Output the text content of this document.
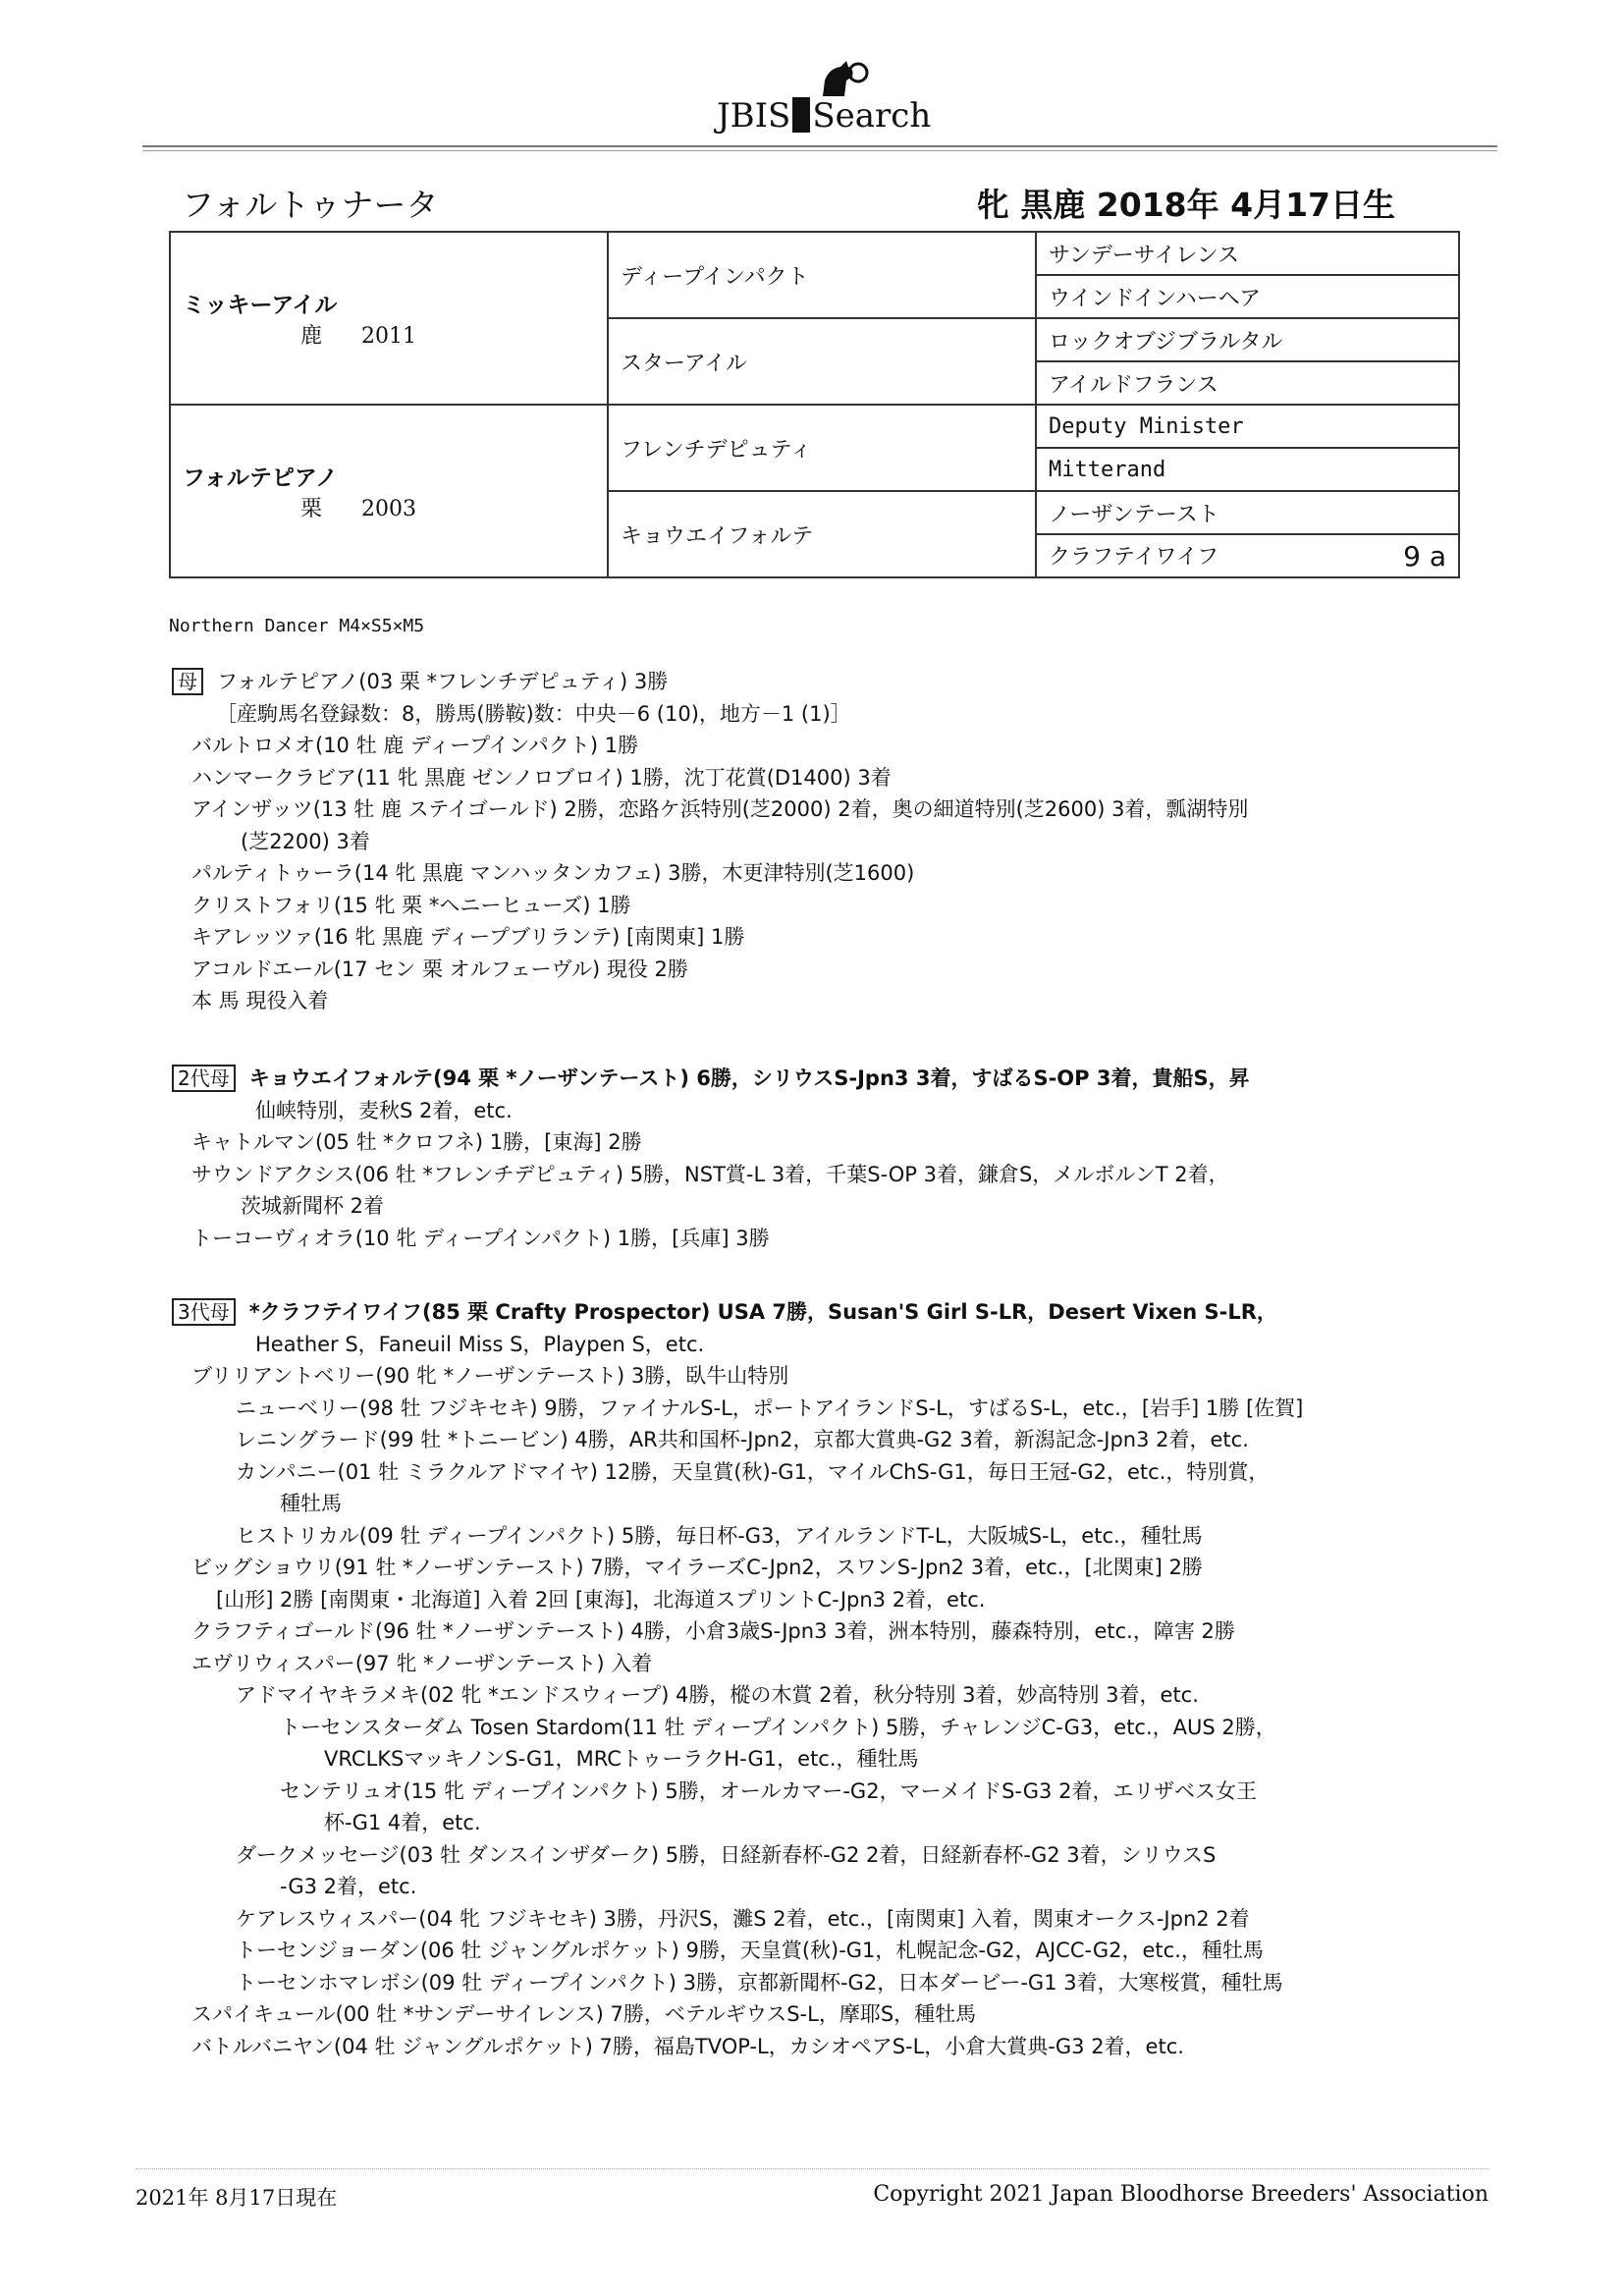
JBIS Search
フォルトゥナータ	牝 黒鹿 2018年 4月17日生
ミッキーアイル
鹿 2011	ディープインパクト	サンデーサイレンス
		ウインドインハーヘア
	スターアイル	ロックオブジブラルタル
		アイルドフランス

フォルテピアノ
栗 2003	フレンチデピュティ	Deputy Minister
		Mitterand
	キョウエイフォルテ	ノーザンテースト
		クラフテイワイフ 9 a
Northern Dancer M4×S5×M5
母 フォルテピアノ(03 栗 *フレンチデピュティ) 3勝
［産駒馬名登録数：8，勝馬(勝鞍)数：中央－6 (10)，地方－1 (1)］
バルトロメオ(10 牡 鹿 ディープインパクト) 1勝
ハンマークラビア(11 牝 黒鹿 ゼンノロブロイ) 1勝，沈丁花賞(D1400) 3着
アインザッツ(13 牡 鹿 ステイゴールド) 2勝，恋路ケ浜特別(芝2000) 2着，奥の細道特別(芝2600) 3着，瓢湖特別
(芝2200) 3着
パルティトゥーラ(14 牝 黒鹿 マンハッタンカフェ) 3勝，木更津特別(芝1600)
クリストフォリ(15 牝 栗 *ヘニーヒューズ) 1勝
キアレッツァ(16 牝 黒鹿 ディープブリランテ) [南関東] 1勝
アコルドエール(17 セン 栗 オルフェーヴル) 現役 2勝
本 馬 現役入着
2代母 キョウエイフォルテ(94 栗 *ノーザンテースト) 6勝，シリウスS-Jpn3 3着，すばるS-OP 3着，貴船S，昇
仙峡特別，麦秋S 2着，etc.
キャトルマン(05 牡 *クロフネ) 1勝，[東海] 2勝
サウンドアクシス(06 牡 *フレンチデピュティ) 5勝，NST賞-L 3着，千葉S-OP 3着，鎌倉S，メルボルンT 2着，
茨城新聞杯 2着
トーコーヴィオラ(10 牝 ディープインパクト) 1勝，[兵庫] 3勝
3代母 *クラフテイワイフ(85 栗 Crafty Prospector) USA 7勝，Susan'S Girl S-LR，Desert Vixen S-LR，
Heather S，Faneuil Miss S，Playpen S，etc.
ブリリアントベリー(90 牝 *ノーザンテースト) 3勝，臥牛山特別
ニューベリー(98 牡 フジキセキ) 9勝，ファイナルS-L，ポートアイランドS-L，すばるS-L，etc.，[岩手] 1勝 [佐賀]
レニングラード(99 牡 *トニービン) 4勝，AR共和国杯-Jpn2，京都大賞典-G2 3着，新潟記念-Jpn3 2着，etc.
カンパニー(01 牡 ミラクルアドマイヤ) 12勝，天皇賞(秋)-G1，マイルChS-G1，毎日王冠-G2，etc.，特別賞，
種牡馬
ヒストリカル(09 牡 ディープインパクト) 5勝，毎日杯-G3，アイルランドT-L，大阪城S-L，etc.，種牡馬
ビッグショウリ(91 牡 *ノーザンテースト) 7勝，マイラーズC-Jpn2，スワンS-Jpn2 3着，etc.，[北関東] 2勝
[山形] 2勝 [南関東・北海道] 入着 2回 [東海]，北海道スプリントC-Jpn3 2着，etc.
クラフティゴールド(96 牡 *ノーザンテースト) 4勝，小倉3歳S-Jpn3 3着，洲本特別，藤森特別，etc.，障害 2勝
エヴリウィスパー(97 牝 *ノーザンテースト) 入着
アドマイヤキラメキ(02 牝 *エンドスウィープ) 4勝，樅の木賞 2着，秋分特別 3着，妙高特別 3着，etc.
トーセンスターダム Tosen Stardom(11 牡 ディープインパクト) 5勝，チャレンジC-G3，etc.，AUS 2勝，
VRCLKSマッキノンS-G1，MRCトゥーラクH-G1，etc.，種牡馬
センテリュオ(15 牝 ディープインパクト) 5勝，オールカマー-G2，マーメイドS-G3 2着，エリザベス女王
杯-G1 4着，etc.
ダークメッセージ(03 牡 ダンスインザダーク) 5勝，日経新春杯-G2 2着，日経新春杯-G2 3着，シリウスS
-G3 2着，etc.
ケアレスウィスパー(04 牝 フジキセキ) 3勝，丹沢S，灘S 2着，etc.，[南関東] 入着，関東オークス-Jpn2 2着
トーセンジョーダン(06 牡 ジャングルポケット) 9勝，天皇賞(秋)-G1，札幌記念-G2，AJCC-G2，etc.，種牡馬
トーセンホマレボシ(09 牡 ディープインパクト) 3勝，京都新聞杯-G2，日本ダービー-G1 3着，大寒桜賞，種牡馬
スパイキュール(00 牡 *サンデーサイレンス) 7勝，ベテルギウスS-L，摩耶S，種牡馬
バトルバニヤン(04 牡 ジャングルポケット) 7勝，福島TVOP-L，カシオペアS-L，小倉大賞典-G3 2着，etc.
2021年 8月17日現在	Copyright 2021 Japan Bloodhorse Breeders' Association
